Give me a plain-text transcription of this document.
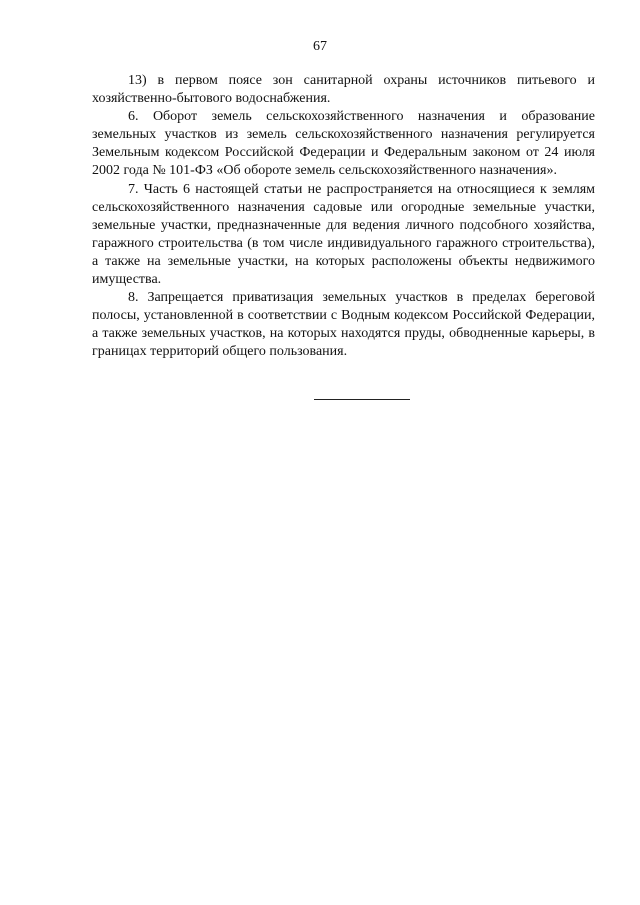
67

13) в первом поясе зон санитарной охраны источников питьевого и хозяйственно-бытового водоснабжения.

6. Оборот земель сельскохозяйственного назначения и образование земельных участков из земель сельскохозяйственного назначения регулируется Земельным кодексом Российской Федерации и Федеральным законом от 24 июля 2002 года № 101-ФЗ «Об обороте земель сельскохозяйственного назначения».

7. Часть 6 настоящей статьи не распространяется на относящиеся к землям сельскохозяйственного назначения садовые или огородные земельные участки, земельные участки, предназначенные для ведения личного подсобного хозяйства, гаражного строительства (в том числе индивидуального гаражного строительства), а также на земельные участки, на которых расположены объекты недвижимого имущества.

8. Запрещается приватизация земельных участков в пределах береговой полосы, установленной в соответствии с Водным кодексом Российской Федерации, а также земельных участков, на которых находятся пруды, обводненные карьеры, в границах территорий общего пользования.
